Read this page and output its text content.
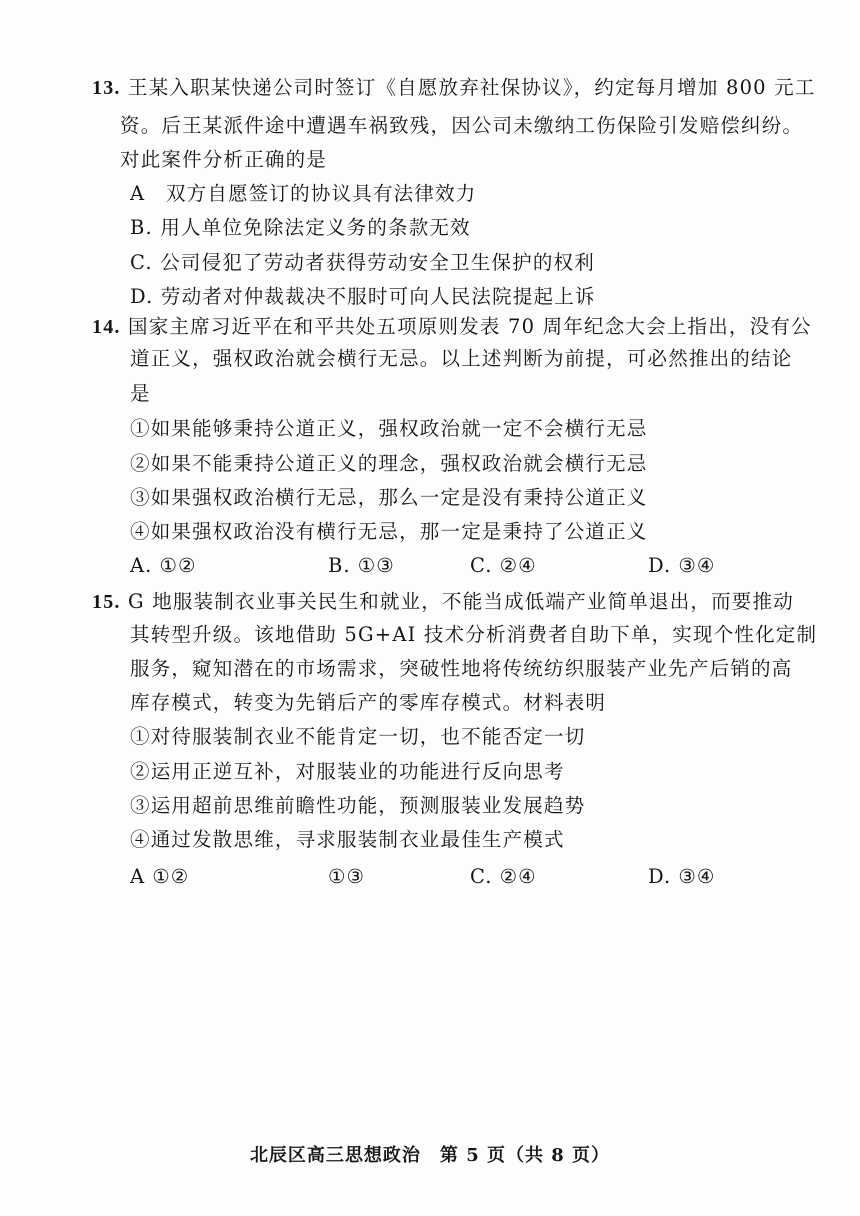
13. 王某入职某快递公司时签订《自愿放弃社保协议》，约定每月增加 800 元工
资。后王某派件途中遭遇车祸致残，因公司未缴纳工伤保险引发赔偿纠纷。
对此案件分析正确的是
A　双方自愿签订的协议具有法律效力
B. 用人单位免除法定义务的条款无效
C. 公司侵犯了劳动者获得劳动安全卫生保护的权利
D. 劳动者对仲裁裁决不服时可向人民法院提起上诉
14. 国家主席习近平在和平共处五项原则发表 70 周年纪念大会上指出，没有公
道正义，强权政治就会横行无忌。以上述判断为前提，可必然推出的结论
是
①如果能够秉持公道正义，强权政治就一定不会横行无忌
②如果不能秉持公道正义的理念，强权政治就会横行无忌
③如果强权政治横行无忌，那么一定是没有秉持公道正义
④如果强权政治没有横行无忌，那一定是秉持了公道正义
A. ①②	B. ①③	C. ②④	D. ③④
15. G 地服装制衣业事关民生和就业，不能当成低端产业简单退出，而要推动
其转型升级。该地借助 5G+AI 技术分析消费者自助下单，实现个性化定制
服务，窥知潜在的市场需求，突破性地将传统纺织服装产业先产后销的高
库存模式，转变为先销后产的零库存模式。材料表明
①对待服装制衣业不能肯定一切，也不能否定一切
②运用正逆互补，对服装业的功能进行反向思考
③运用超前思维前瞻性功能，预测服装业发展趋势
④通过发散思维，寻求服装制衣业最佳生产模式
A ①②	①③	C. ②④	D. ③④
北辰区高三思想政治　第 5 页（共 8 页）
